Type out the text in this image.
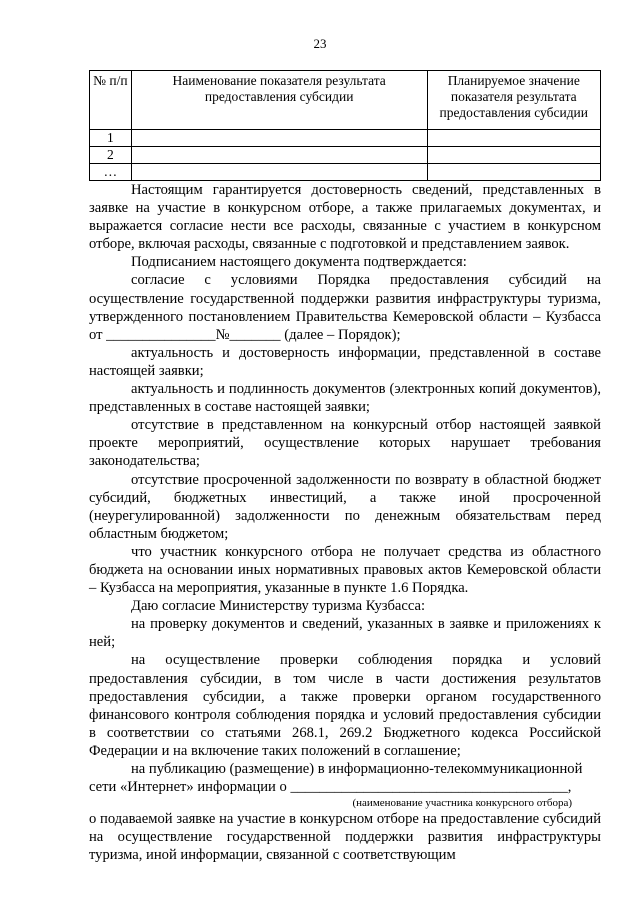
23
№ п/п	Наименование показателя результата предоставления субсидии	Планируемое значение показателя результата предоставления субсидии
1		
2		
…		

Настоящим гарантируется достоверность сведений, представленных в заявке на участие в конкурсном отборе, а также прилагаемых документах, и выражается согласие нести все расходы, связанные с участием в конкурсном отборе, включая расходы, связанные с подготовкой и представлением заявок.

Подписанием настоящего документа подтверждается:

согласие с условиями Порядка предоставления субсидий на осуществление государственной поддержки развития инфраструктуры туризма, утвержденного постановлением Правительства Кемеровской области – Кузбасса от _______________№_______ (далее – Порядок);

актуальность и достоверность информации, представленной в составе настоящей заявки;

актуальность и подлинность документов (электронных копий документов), представленных в составе настоящей заявки;

отсутствие в представленном на конкурсный отбор настоящей заявкой проекте мероприятий, осуществление которых нарушает требования законодательства;

отсутствие просроченной задолженности по возврату в областной бюджет субсидий, бюджетных инвестиций, а также иной просроченной (неурегулированной) задолженности по денежным обязательствам перед областным бюджетом;

что участник конкурсного отбора не получает средства из областного бюджета на основании иных нормативных правовых актов Кемеровской области – Кузбасса на мероприятия, указанные в пункте 1.6 Порядка.

Даю согласие Министерству туризма Кузбасса:

на проверку документов и сведений, указанных в заявке и приложениях к ней;

на осуществление проверки соблюдения порядка и условий предоставления субсидии, в том числе в части достижения результатов предоставления субсидии, а также проверки органом государственного финансового контроля соблюдения порядка и условий предоставления субсидии в соответствии со статьями 268.1, 269.2 Бюджетного кодекса Российской Федерации и на включение таких положений в соглашение;

на публикацию (размещение) в информационно-телекоммуникационной

сети «Интернет» информации о ______________________________________,

(наименование участника конкурсного отбора)

о подаваемой заявке на участие в конкурсном отборе на предоставление субсидий на осуществление государственной поддержки развития инфраструктуры туризма, иной информации, связанной с соответствующим
